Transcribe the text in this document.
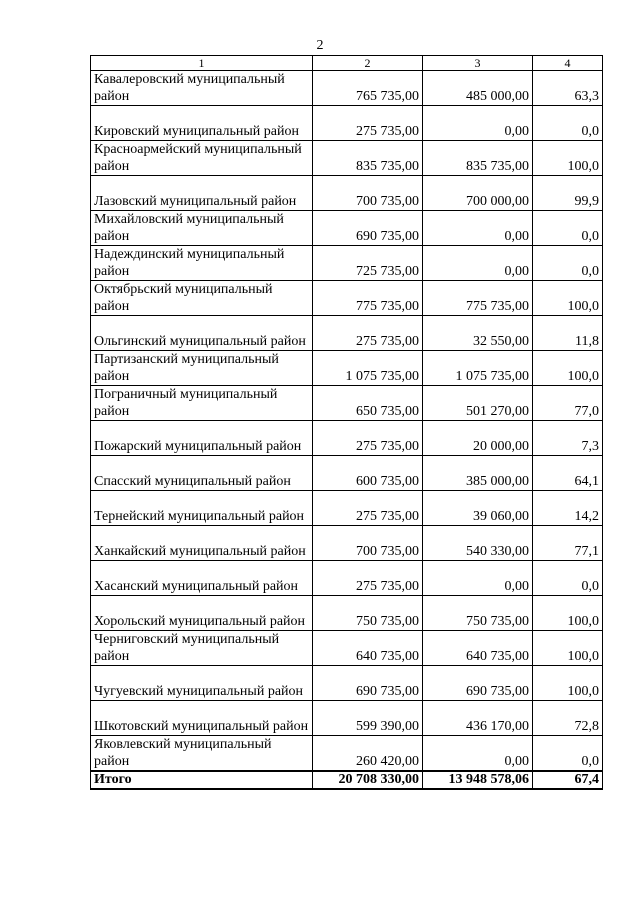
2
1	2	3	4
Кавалеровский муниципальный район	765 735,00	485 000,00	63,3
Кировский муниципальный район	275 735,00	0,00	0,0
Красноармейский муниципальный район	835 735,00	835 735,00	100,0
Лазовский муниципальный район	700 735,00	700 000,00	99,9
Михайловский муниципальный район	690 735,00	0,00	0,0
Надеждинский муниципальный район	725 735,00	0,00	0,0
Октябрьский муниципальный район	775 735,00	775 735,00	100,0
Ольгинский муниципальный район	275 735,00	32 550,00	11,8
Партизанский муниципальный район	1 075 735,00	1 075 735,00	100,0
Пограничный муниципальный район	650 735,00	501 270,00	77,0
Пожарский муниципальный район	275 735,00	20 000,00	7,3
Спасский муниципальный район	600 735,00	385 000,00	64,1
Тернейский муниципальный район	275 735,00	39 060,00	14,2
Ханкайский муниципальный район	700 735,00	540 330,00	77,1
Хасанский муниципальный район	275 735,00	0,00	0,0
Хорольский муниципальный район	750 735,00	750 735,00	100,0
Черниговский муниципальный район	640 735,00	640 735,00	100,0
Чугуевский муниципальный район	690 735,00	690 735,00	100,0
Шкотовский муниципальный район	599 390,00	436 170,00	72,8
Яковлевский муниципальный район	260 420,00	0,00	0,0
Итого	20 708 330,00	13 948 578,06	67,4
